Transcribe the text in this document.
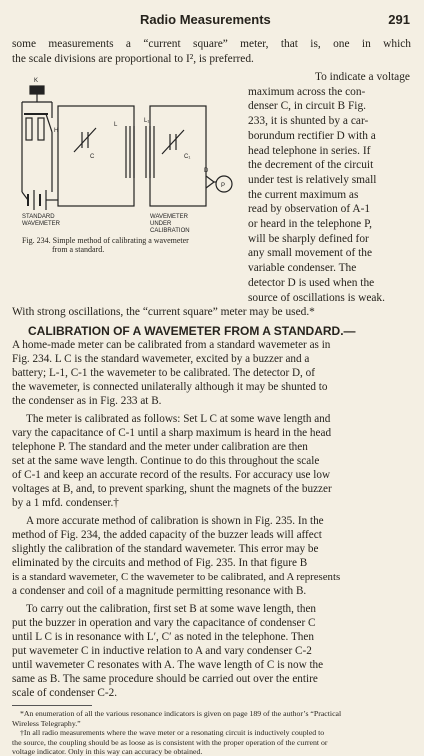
Radio Measurements	291
some measurements a “current square” meter, that is, one in which
the scale divisions are proportional to I², is preferred.
K
L
L₁
H
C	C₁
D
P
STANDARD
WAVEMETER
WAVEMETER
UNDER
CALIBRATION
Fig. 234. Simple method of calibrating a wavemeter
from a standard.
To indicate a voltage
maximum across the con-
denser C, in circuit B Fig.
233, it is shunted by a car-
borundum rectifier D with a
head telephone in series. If
the decrement of the circuit
under test is relatively small
the current maximum as
read by observation of A-1
or heard in the telephone P,
will be sharply defined for
any small movement of the
variable condenser. The
detector D is used when the
source of oscillations is weak.
With strong oscillations, the “current square” meter may be used.*
CALIBRATION OF A WAVEMETER FROM A STANDARD.—
A home-made meter can be calibrated from a standard wavemeter as in
Fig. 234. L C is the standard wavemeter, excited by a buzzer and a
battery; L-1, C-1 the wavemeter to be calibrated. The detector D, of
the wavemeter, is connected unilaterally although it may be shunted to
the condenser as in Fig. 233 at B.
The meter is calibrated as follows: Set L C at some wave length and
vary the capacitance of C-1 until a sharp maximum is heard in the head
telephone P. The standard and the meter under calibration are then
set at the same wave length. Continue to do this throughout the scale
of C-1 and keep an accurate record of the results. For accuracy use low
voltages at B, and, to prevent sparking, shunt the magnets of the buzzer
by a 1 mfd. condenser.†
A more accurate method of calibration is shown in Fig. 235. In the
method of Fig. 234, the added capacity of the buzzer leads will affect
slightly the calibration of the standard wavemeter. This error may be
eliminated by the circuits and method of Fig. 235. In that figure B
is a standard wavemeter, C the wavemeter to be calibrated, and A represents
a condenser and coil of a magnitude permitting resonance with B.
To carry out the calibration, first set B at some wave length, then
put the buzzer in operation and vary the capacitance of condenser C
until L C is in resonance with L′, C′ as noted in the telephone. Then
put wavemeter C in inductive relation to A and vary condenser C-2
until wavemeter C resonates with A. The wave length of C is now the
same as B. The same procedure should be carried out over the entire
scale of condenser C-2.
*An enumeration of all the various resonance indicators is given on page 189 of the author’s “Practical
Wireless Telegraphy.”
†In all radio measurements where the wave meter or a resonating circuit is inductively coupled to
the source, the coupling should be as loose as is consistent with the proper operation of the current or
voltage indicator. Only in this way can accuracy be obtained.
